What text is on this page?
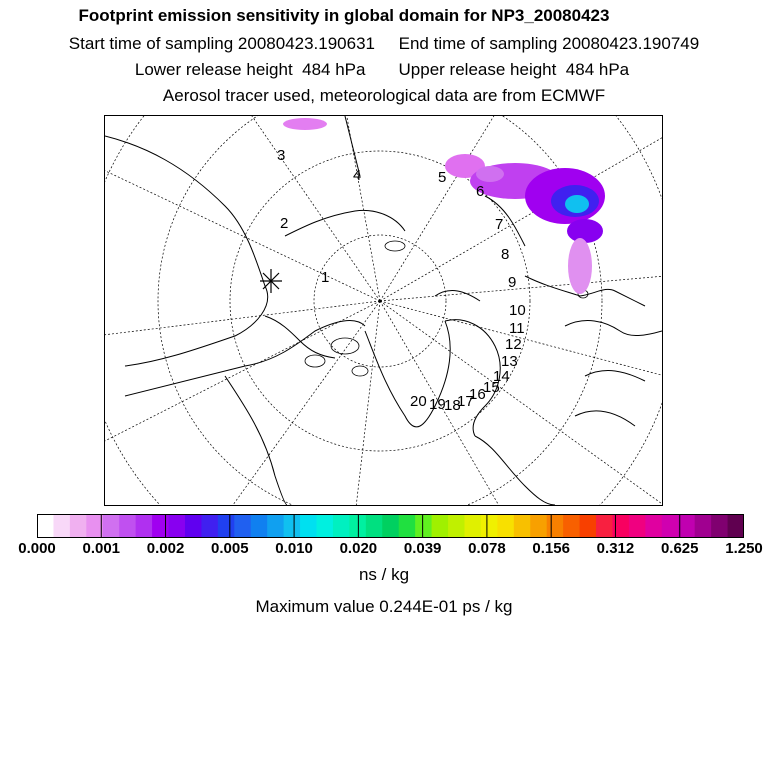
Footprint emission sensitivity in global domain for NP3_20080423
Start time of sampling 20080423.190631 End time of sampling 20080423.190749
Lower release height  484 hPa Upper release height  484 hPa
Aerosol tracer used, meteorological data are from ECMWF
1
2
3
4	5
6
7
8
9
10
11
12
13
14
15
16
17
18
19
20
0.000 0.001 0.002 0.005 0.010 0.020 0.039 0.078 0.156 0.312 0.625 1.250
ns / kg
Maximum value 0.244E-01 ps / kg
